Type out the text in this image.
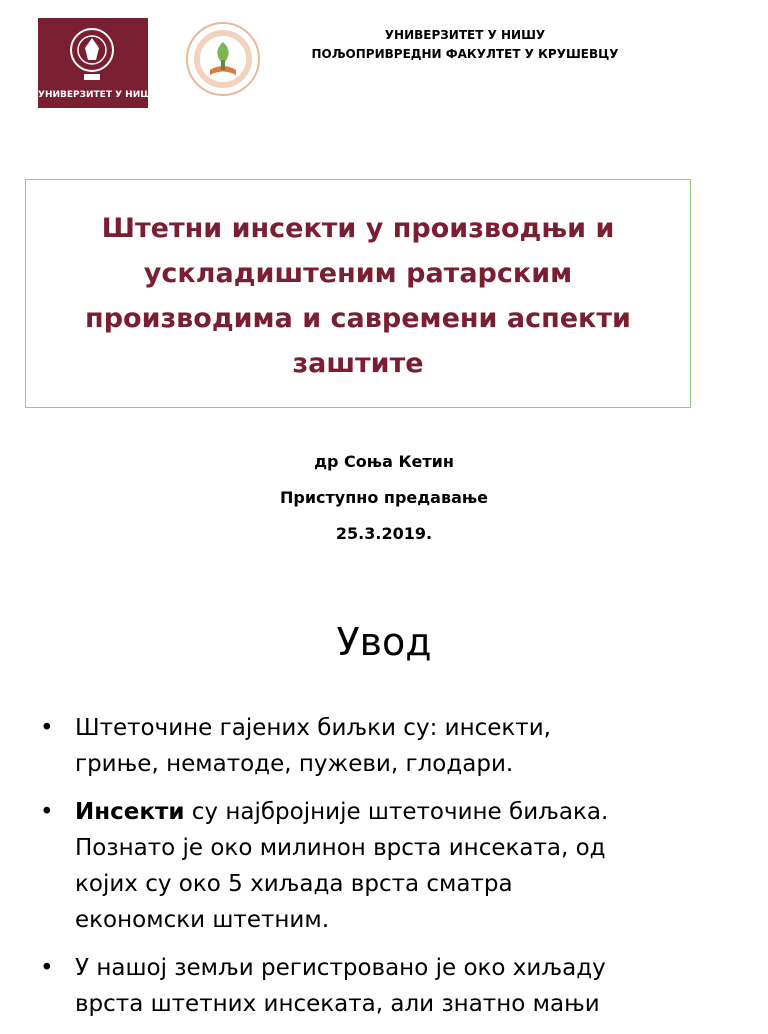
УНИВЕРЗИТЕТ У НИШУ
УНИВЕРЗИТЕТ У НИШУ
ПОЉОПРИВРЕДНИ ФАКУЛТЕТ У КРУШЕВЦУ
Штетни инсекти у производњи и
ускладиштеним ратарским
производима и савремени аспекти
заштите
др Соња Кетин
Приступно предавање
25.3.2019.
Увод
• Штеточине гајених биљки су: инсекти,
грињe, нематоде, пужеви, глодари.
• Инсекти су најбројније штеточине биљака.
Познато је око милинон врста инсеката, од
којих су око 5 хиљада врста сматра
економски штетним.
• У нашој земљи регистровано је око хиљаду
врста штетних инсеката, али знатно мањи
